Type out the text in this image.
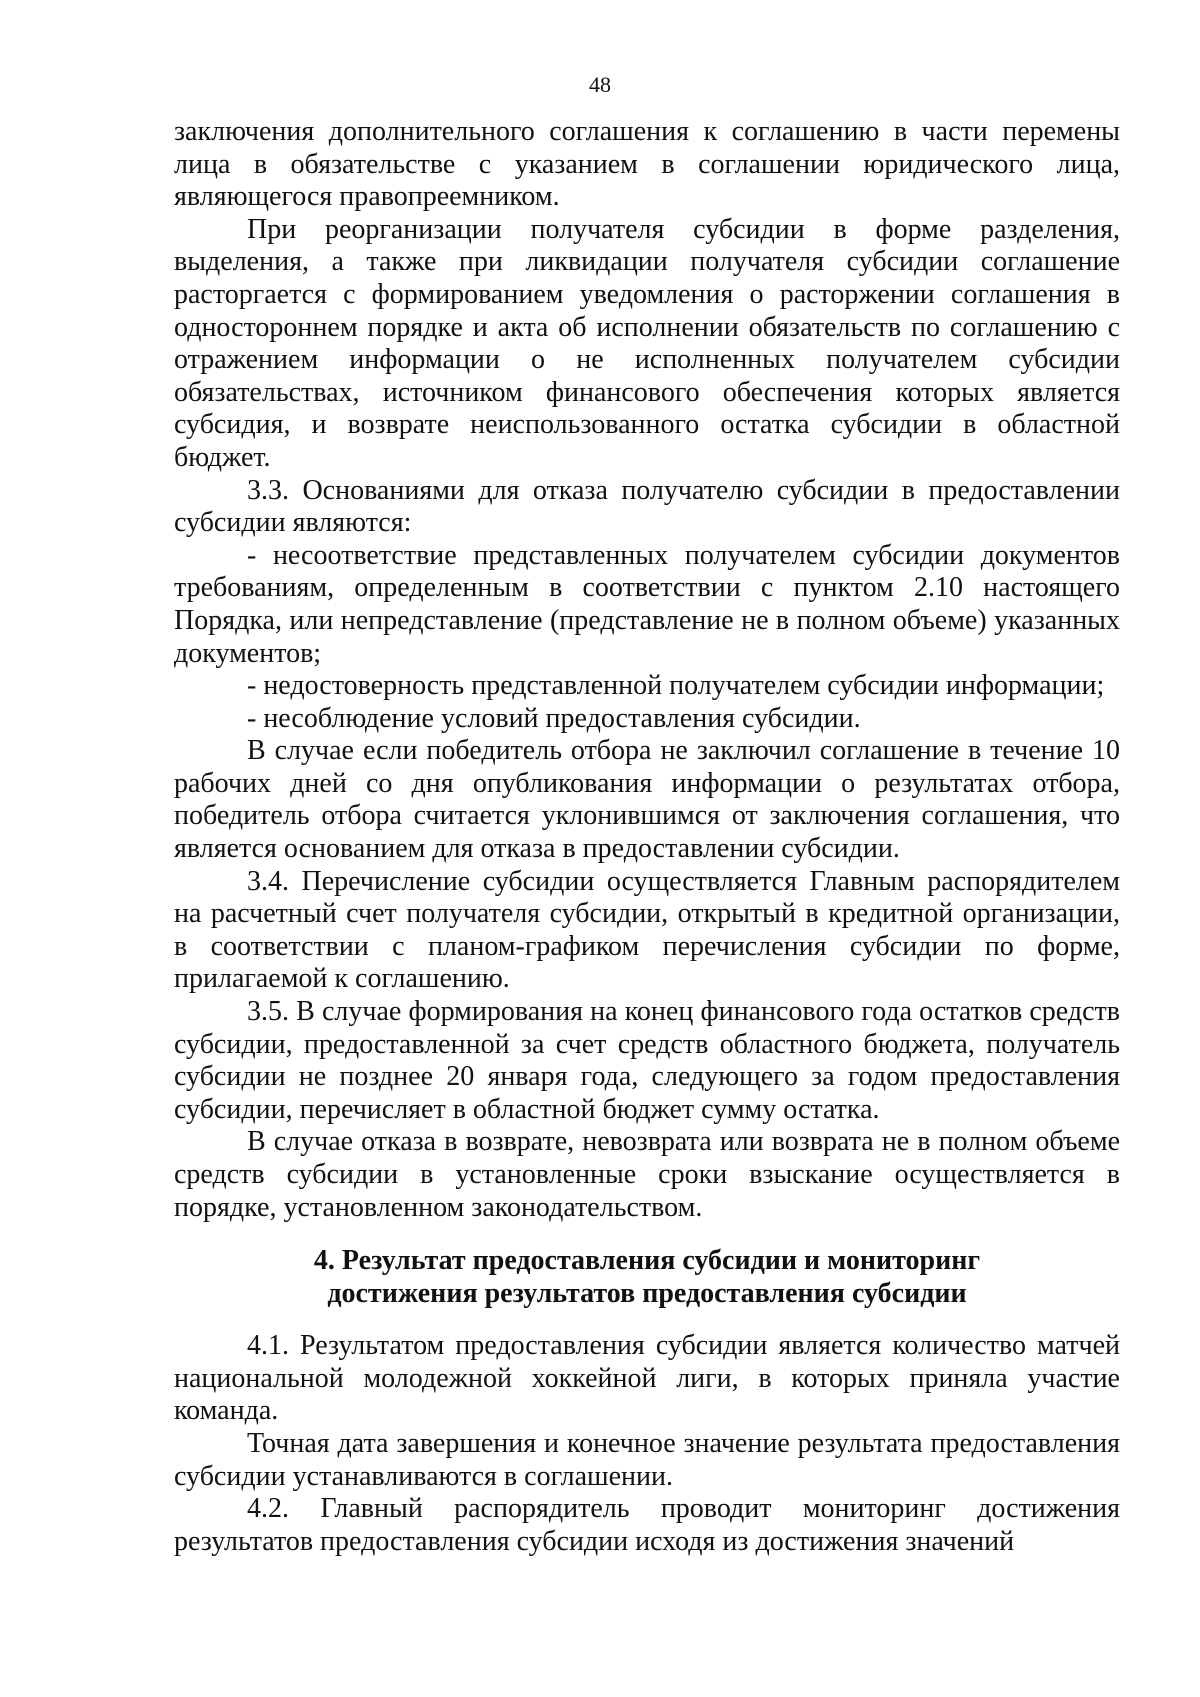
48

заключения дополнительного соглашения к соглашению в части перемены лица в обязательстве с указанием в соглашении юридического лица, являющегося правопреемником.

При реорганизации получателя субсидии в форме разделения, выделения, а также при ликвидации получателя субсидии соглашение расторгается с формированием уведомления о расторжении соглашения в одностороннем порядке и акта об исполнении обязательств по соглашению с отражением информации о не исполненных получателем субсидии обязательствах, источником финансового обеспечения которых является субсидия, и возврате неиспользованного остатка субсидии в областной бюджет.

3.3. Основаниями для отказа получателю субсидии в предоставлении субсидии являются:

- несоответствие представленных получателем субсидии документов требованиям, определенным в соответствии с пунктом 2.10 настоящего Порядка, или непредставление (представление не в полном объеме) указанных документов;

- недостоверность представленной получателем субсидии информации;

- несоблюдение условий предоставления субсидии.

В случае если победитель отбора не заключил соглашение в течение 10 рабочих дней со дня опубликования информации о результатах отбора, победитель отбора считается уклонившимся от заключения соглашения, что является основанием для отказа в предоставлении субсидии.

3.4. Перечисление субсидии осуществляется Главным распорядителем на расчетный счет получателя субсидии, открытый в кредитной организации, в соответствии с планом-графиком перечисления субсидии по форме, прилагаемой к соглашению.

3.5. В случае формирования на конец финансового года остатков средств субсидии, предоставленной за счет средств областного бюджета, получатель субсидии не позднее 20 января года, следующего за годом предоставления субсидии, перечисляет в областной бюджет сумму остатка.

В случае отказа в возврате, невозврата или возврата не в полном объеме средств субсидии в установленные сроки взыскание осуществляется в порядке, установленном законодательством.

4. Результат предоставления субсидии и мониторинг
достижения результатов предоставления субсидии

4.1. Результатом предоставления субсидии является количество матчей национальной молодежной хоккейной лиги, в которых приняла участие команда.

Точная дата завершения и конечное значение результата предоставления субсидии устанавливаются в соглашении.

4.2. Главный распорядитель проводит мониторинг достижения результатов предоставления субсидии исходя из достижения значений
